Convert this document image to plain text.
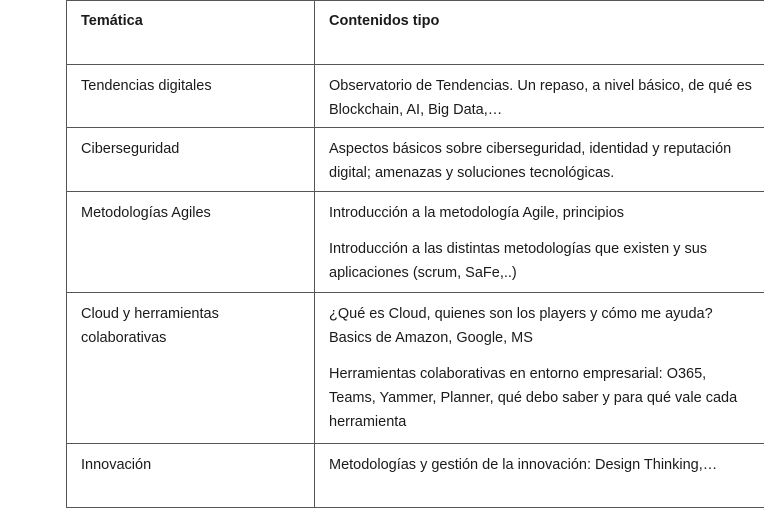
Temática	Contenidos tipo

Tendencias digitales	Observatorio de Tendencias. Un repaso, a nivel básico, de qué es Blockchain, AI, Big Data,…

Ciberseguridad	Aspectos básicos sobre ciberseguridad, identidad y reputación digital; amenazas y soluciones tecnológicas.

Metodologías Agiles	Introducción a la metodología Agile, principios

Introducción a las distintas metodologías que existen y sus aplicaciones (scrum, SaFe,..)

Cloud y herramientas colaborativas	¿Qué es Cloud, quienes son los players y cómo me ayuda? Basics de Amazon, Google, MS

Herramientas colaborativas en entorno empresarial: O365, Teams, Yammer, Planner, qué debo saber y para qué vale cada herramienta

Innovación	Metodologías y gestión de la innovación: Design Thinking,…
